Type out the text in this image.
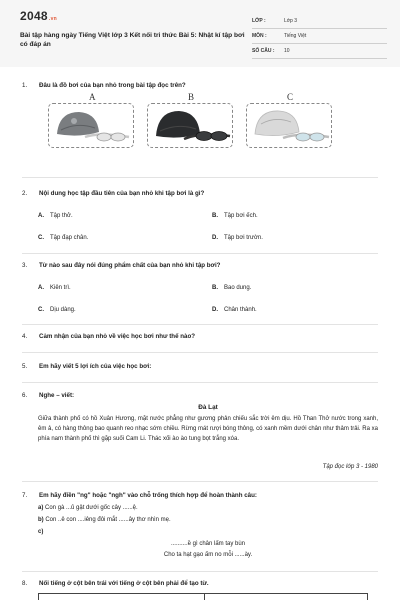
2048.vn
Bài tập hàng ngày Tiếng Việt lớp 3 Kết nối tri thức Bài 5: Nhật kí tập bơi có đáp án
LỚP :	Lớp 3
MÔN :	Tiếng Việt
SỐ CÂU : 10
1. Đâu là đồ bơi của bạn nhỏ trong bài tập đọc trên?
A	B	C
2. Nội dung học tập đầu tiên của bạn nhỏ khi tập bơi là gì?
A. Tập thở.	B. Tập bơi ếch.
C. Tập đạp chân.	D. Tập bơi trườn.
3. Từ nào sau đây nói đúng phẩm chất của bạn nhỏ khi tập bơi?
A. Kiên trì.	B. Bao dung.
C. Dịu dàng.	D. Chân thành.
4. Cảm nhận của bạn nhỏ về việc học bơi như thế nào?
5. Em hãy viết 5 lợi ích của việc học bơi:
6. Nghe – viết:
Đà Lạt
Giữa thành phố có hồ Xuân Hương, mặt nước phẳng như gương phản chiếu sắc trời êm dịu. Hồ Than Thở nước trong xanh, êm ả, có hàng thông bao quanh reo nhạc sớm chiều. Rừng mát rượi bóng thông, có xanh mềm dưới chân như thảm trải. Ra xa phía nam thành phố thì gặp suối Cam Li. Thác xối ào ào tung bọt trắng xóa.
Tập đọc lớp 3 - 1980
7. Em hãy điền "ng" hoặc "ngh" vào chỗ trống thích hợp để hoàn thành câu:
a) Con gà ...ủ gật dưới gốc cây ......ệ.
b) Con ..ê con ....iêng đôi mắt ......ây thơ nhìn mẹ.
c)
..........ề gì chân lấm tay bùn
Cho ta hạt gạo ấm no mỗi ......ày.
8. Nối tiếng ở cột bên trái với tiếng ở cột bên phải để tạo từ.
